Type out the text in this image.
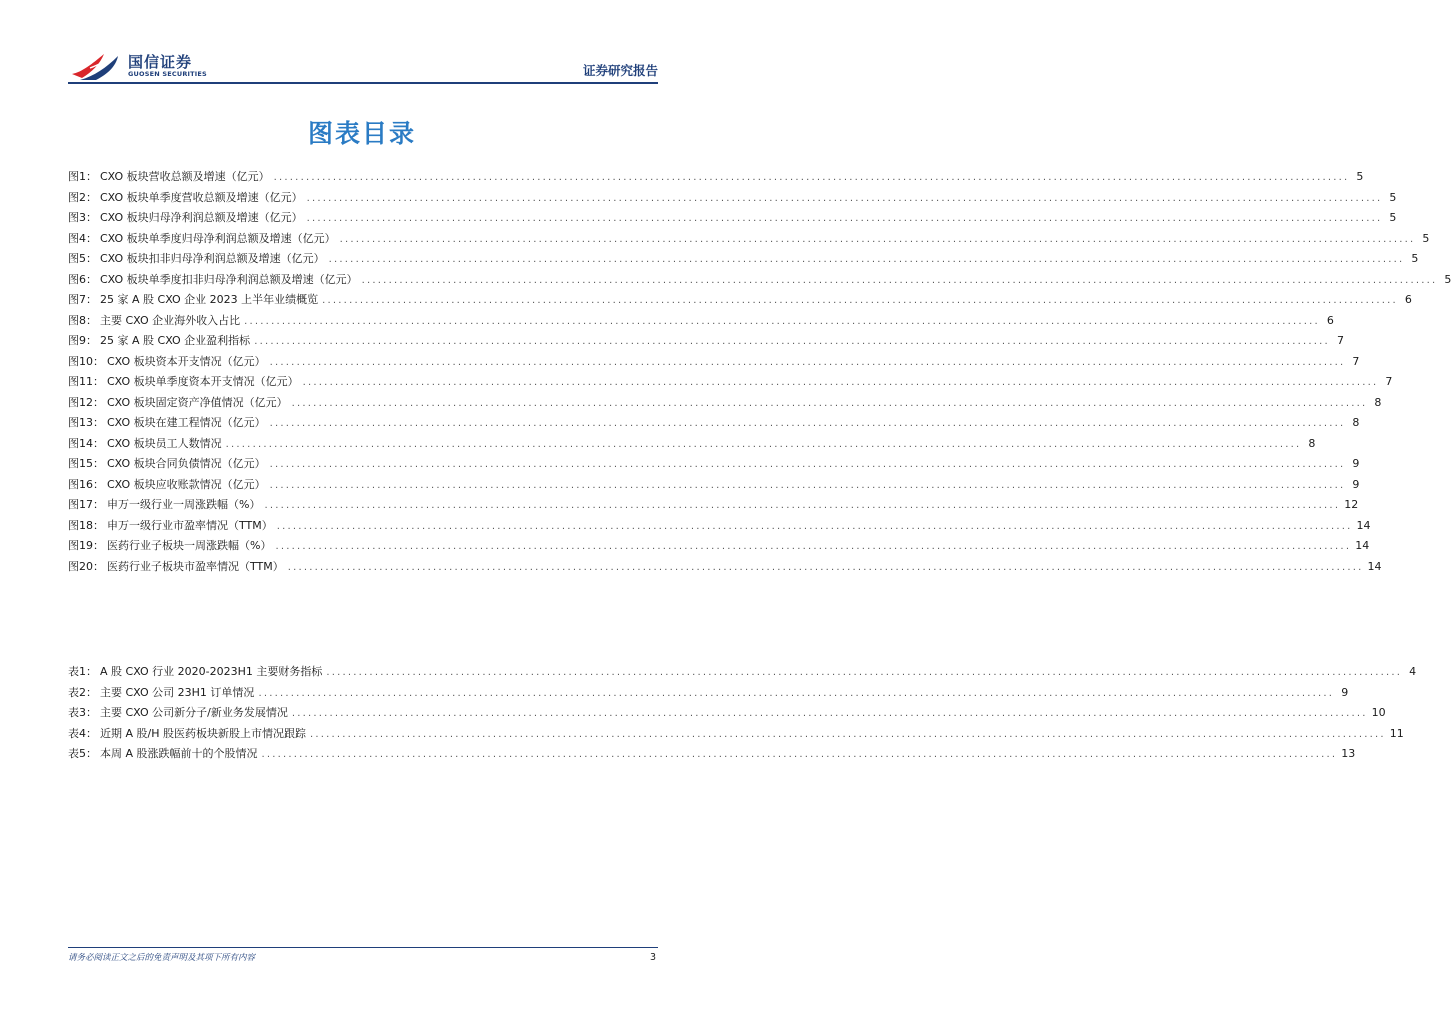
国信证券
GUOSEN SECURITIES	证券研究报告
图表目录
图1： CXO 板块营收总额及增速（亿元） ........................................................................................................................................................................................................ 5
图2： CXO 板块单季度营收总额及增速（亿元） ........................................................................................................................................................................................................ 5
图3： CXO 板块归母净利润总额及增速（亿元） ........................................................................................................................................................................................................ 5
图4： CXO 板块单季度归母净利润总额及增速（亿元） ........................................................................................................................................................................................................ 5
图5： CXO 板块扣非归母净利润总额及增速（亿元） ........................................................................................................................................................................................................ 5
图6： CXO 板块单季度扣非归母净利润总额及增速（亿元） ........................................................................................................................................................................................................ 5
图7： 25 家 A 股 CXO 企业 2023 上半年业绩概览 ........................................................................................................................................................................................................ 6
图8： 主要 CXO 企业海外收入占比 ........................................................................................................................................................................................................ 6
图9： 25 家 A 股 CXO 企业盈利指标 ........................................................................................................................................................................................................ 7
图10： CXO 板块资本开支情况（亿元） ........................................................................................................................................................................................................ 7
图11： CXO 板块单季度资本开支情况（亿元） ........................................................................................................................................................................................................ 7
图12： CXO 板块固定资产净值情况（亿元） ........................................................................................................................................................................................................ 8
图13： CXO 板块在建工程情况（亿元） ........................................................................................................................................................................................................ 8
图14： CXO 板块员工人数情况 ........................................................................................................................................................................................................ 8
图15： CXO 板块合同负债情况（亿元） ........................................................................................................................................................................................................ 9
图16： CXO 板块应收账款情况（亿元） ........................................................................................................................................................................................................ 9
图17： 申万一级行业一周涨跌幅（%） ........................................................................................................................................................................................................ 12
图18： 申万一级行业市盈率情况（TTM） ........................................................................................................................................................................................................ 14
图19： 医药行业子板块一周涨跌幅（%） ........................................................................................................................................................................................................ 14
图20： 医药行业子板块市盈率情况（TTM） ........................................................................................................................................................................................................ 14
表1： A 股 CXO 行业 2020-2023H1 主要财务指标 ........................................................................................................................................................................................................ 4
表2： 主要 CXO 公司 23H1 订单情况 ........................................................................................................................................................................................................ 9
表3： 主要 CXO 公司新分子/新业务发展情况 ........................................................................................................................................................................................................ 10
表4： 近期 A 股/H 股医药板块新股上市情况跟踪 ........................................................................................................................................................................................................ 11
表5： 本周 A 股涨跌幅前十的个股情况 ........................................................................................................................................................................................................ 13
请务必阅读正文之后的免责声明及其项下所有内容	3
